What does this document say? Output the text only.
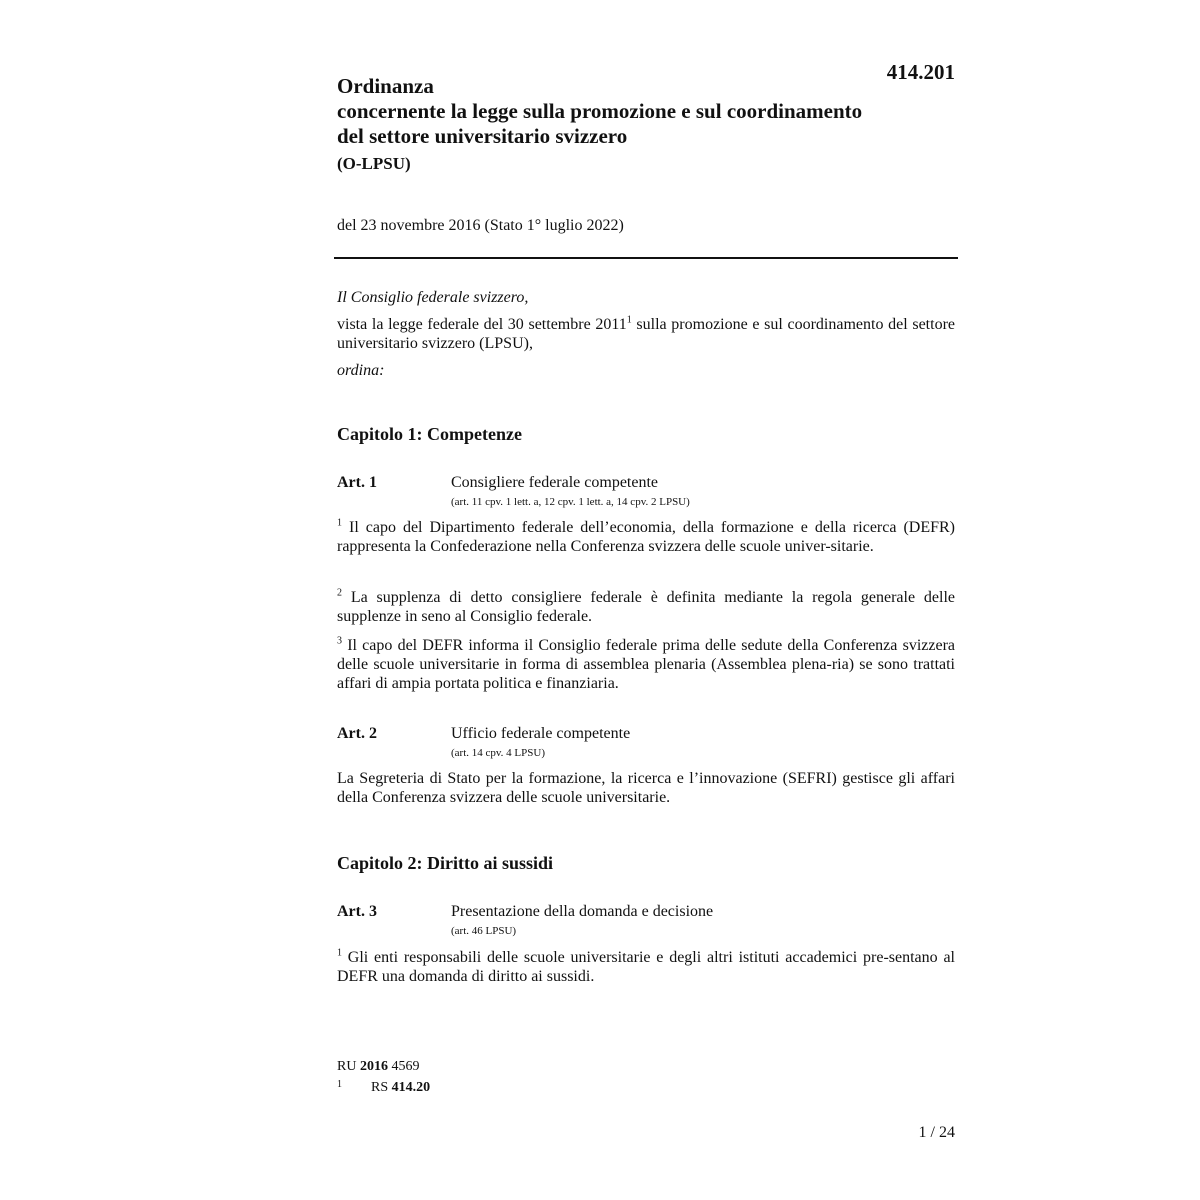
414.201
Ordinanza
concernente la legge sulla promozione e sul coordinamento
del settore universitario svizzero
(O-LPSU)
del 23 novembre 2016 (Stato 1° luglio 2022)
Il Consiglio federale svizzero,
vista la legge federale del 30 settembre 2011$^1$ sulla promozione e sul coordinamento del settore universitario svizzero (LPSU),
ordina:
Capitolo 1: Competenze
Art. 1	Consigliere federale competente
(art. 11 cpv. 1 lett. a, 12 cpv. 1 lett. a, 14 cpv. 2 LPSU)
$^1$ Il capo del Dipartimento federale dell’economia, della formazione e della ricerca (DEFR) rappresenta la Confederazione nella Conferenza svizzera delle scuole univer-sitarie.
$^2$ La supplenza di detto consigliere federale è definita mediante la regola generale delle supplenze in seno al Consiglio federale.
$^3$ Il capo del DEFR informa il Consiglio federale prima delle sedute della Conferenza svizzera delle scuole universitarie in forma di assemblea plenaria (Assemblea plena-ria) se sono trattati affari di ampia portata politica e finanziaria.
Art. 2	Ufficio federale competente
(art. 14 cpv. 4 LPSU)
La Segreteria di Stato per la formazione, la ricerca e l’innovazione (SEFRI) gestisce gli affari della Conferenza svizzera delle scuole universitarie.
Capitolo 2: Diritto ai sussidi
Art. 3	Presentazione della domanda e decisione
(art. 46 LPSU)
$^1$ Gli enti responsabili delle scuole universitarie e degli altri istituti accademici pre-sentano al DEFR una domanda di diritto ai sussidi.
RU 2016 4569
1 RS 414.20
1 / 24
